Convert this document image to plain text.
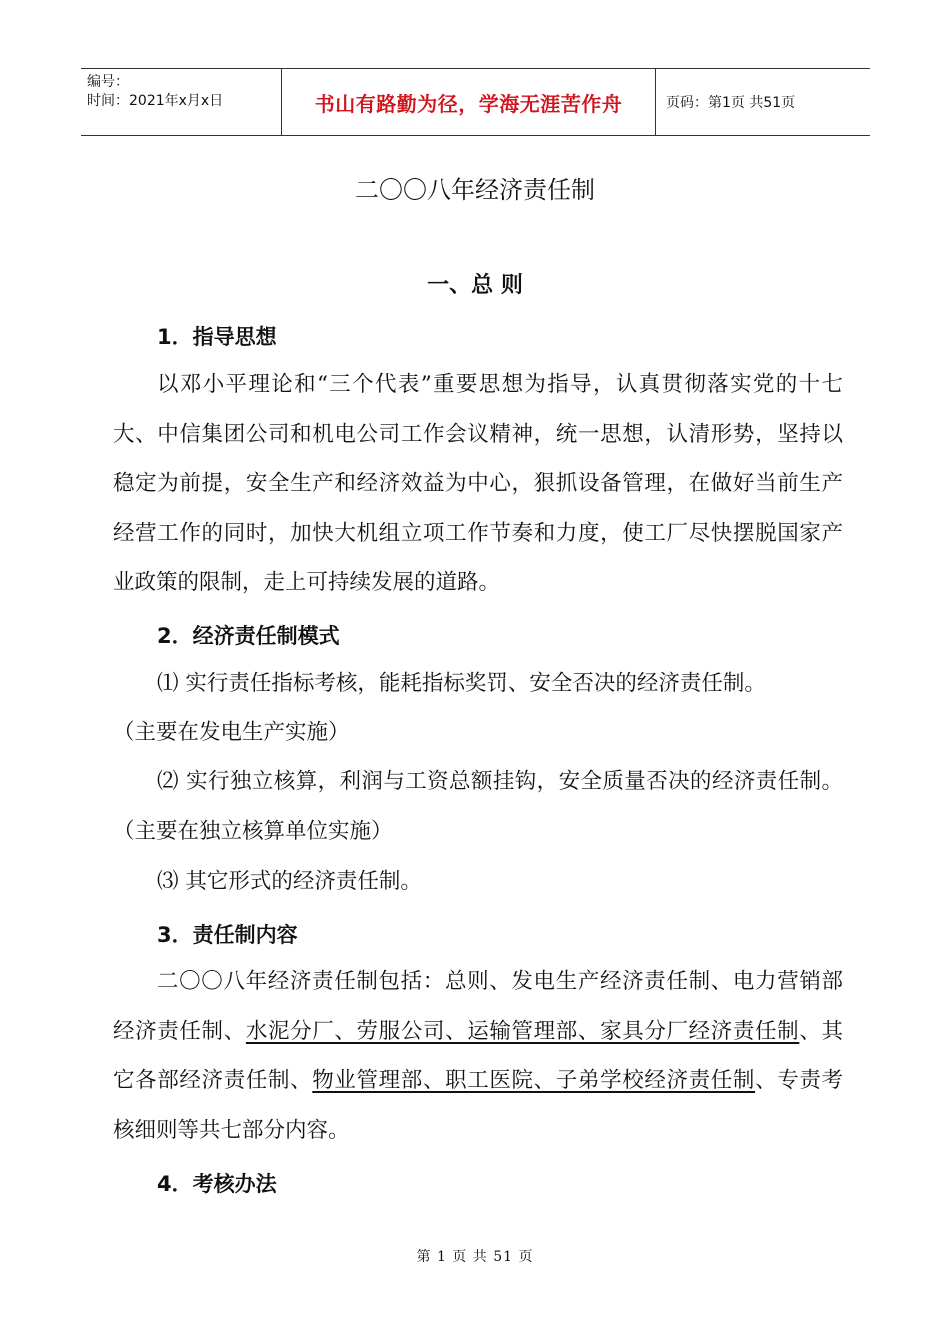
编号：
时间：2021年x月x日	书山有路勤为径，学海无涯苦作舟	页码：第1页 共51页
二〇〇八年经济责任制
一、总 则
1．指导思想
以邓小平理论和“三个代表”重要思想为指导，认真贯彻落实党的十七大、中信集团公司和机电公司工作会议精神，统一思想，认清形势，坚持以稳定为前提，安全生产和经济效益为中心，狠抓设备管理，在做好当前生产经营工作的同时，加快大机组立项工作节奏和力度，使工厂尽快摆脱国家产业政策的限制，走上可持续发展的道路。
2．经济责任制模式
⑴ 实行责任指标考核，能耗指标奖罚、安全否决的经济责任制。
（主要在发电生产实施）
⑵ 实行独立核算，利润与工资总额挂钩，安全质量否决的经济责任制。（主要在独立核算单位实施）
⑶ 其它形式的经济责任制。
3．责任制内容
二〇〇八年经济责任制包括：总则、发电生产经济责任制、电力营销部经济责任制、水泥分厂、劳服公司、运输管理部、家具分厂经济责任制、其它各部经济责任制、物业管理部、职工医院、子弟学校经济责任制、专责考核细则等共七部分内容。
4．考核办法
第 1 页 共 51 页
